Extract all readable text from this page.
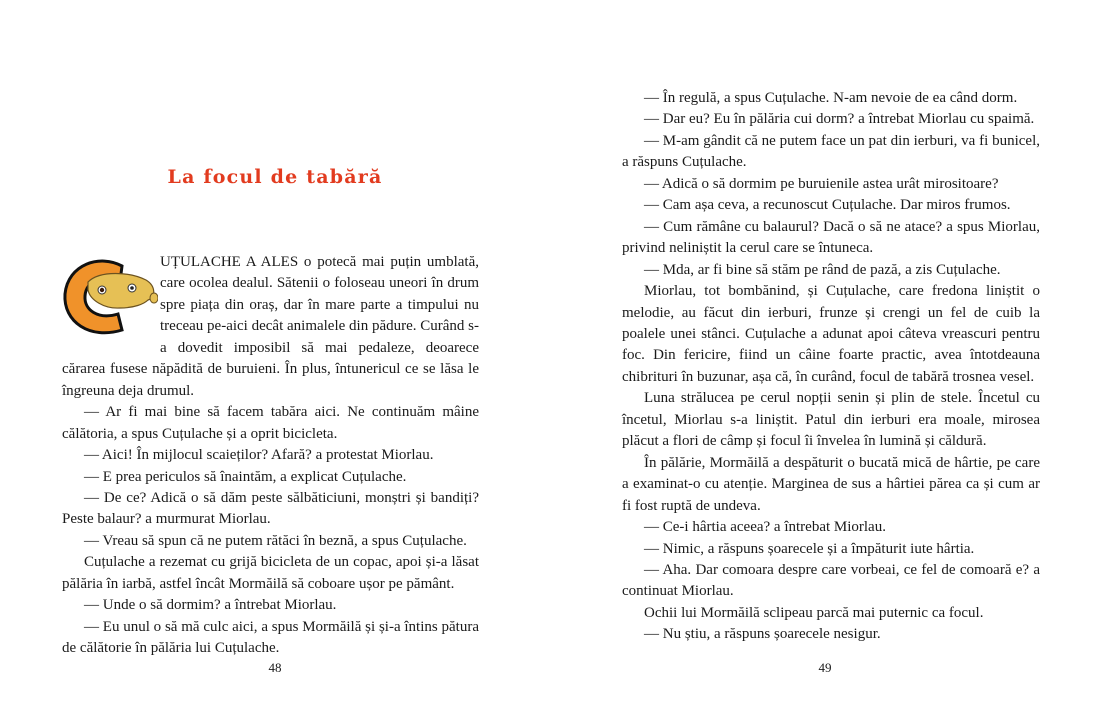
La focul de tabără

UȚULACHE A ALES o potecă mai puțin umblată, care ocolea dealul. Sătenii o foloseau uneori în drum spre piața din oraș, dar în mare parte a timpului nu treceau pe-aici decât animalele din pădure. Curând s-a dovedit imposibil să mai pedaleze, deoarece cărarea fusese năpădită de buruieni. În plus, întunericul ce se lăsa le îngreuna deja drumul.

— Ar fi mai bine să facem tabăra aici. Ne continuăm mâine călătoria, a spus Cuțulache și a oprit bicicleta.

— Aici! În mijlocul scaieților? Afară? a protestat Miorlau.

— E prea periculos să înaintăm, a explicat Cuțulache.

— De ce? Adică o să dăm peste sălbăticiuni, monștri și bandiți? Peste balaur? a murmurat Miorlau.

— Vreau să spun că ne putem rătăci în beznă, a spus Cuțulache.

Cuțulache a rezemat cu grijă bicicleta de un copac, apoi și-a lăsat pălăria în iarbă, astfel încât Mormăilă să coboare ușor pe pământ.

— Unde o să dormim? a întrebat Miorlau.

— Eu unul o să mă culc aici, a spus Mormăilă și și-a întins pătura de călătorie în pălăria lui Cuțulache.

48

— În regulă, a spus Cuțulache. N-am nevoie de ea când dorm.

— Dar eu? Eu în pălăria cui dorm? a întrebat Miorlau cu spaimă.

— M-am gândit că ne putem face un pat din ierburi, va fi bunicel, a răspuns Cuțulache.

— Adică o să dormim pe buruienile astea urât mirositoare?

— Cam așa ceva, a recunoscut Cuțulache. Dar miros frumos.

— Cum rămâne cu balaurul? Dacă o să ne atace? a spus Miorlau, privind neliniștit la cerul care se întuneca.

— Mda, ar fi bine să stăm pe rând de pază, a zis Cuțulache.

Miorlau, tot bombănind, și Cuțulache, care fredona liniștit o melodie, au făcut din ierburi, frunze și crengi un fel de cuib la poalele unei stânci. Cuțulache a adunat apoi câteva vreascuri pentru foc. Din fericire, fiind un câine foarte practic, avea întotdeauna chibrituri în buzunar, așa că, în curând, focul de tabără trosnea vesel.

Luna strălucea pe cerul nopții senin și plin de stele. Încetul cu încetul, Miorlau s-a liniștit. Patul din ierburi era moale, mirosea plăcut a flori de câmp și focul îi învelea în lumină și căldură.

În pălărie, Mormăilă a despăturit o bucată mică de hârtie, pe care a examinat-o cu atenție. Marginea de sus a hârtiei părea ca și cum ar fi fost ruptă de undeva.

— Ce-i hârtia aceea? a întrebat Miorlau.

— Nimic, a răspuns șoarecele și a împăturit iute hârtia.

— Aha. Dar comoara despre care vorbeai, ce fel de comoară e? a continuat Miorlau.

Ochii lui Mormăilă sclipeau parcă mai puternic ca focul.

— Nu știu, a răspuns șoarecele nesigur.

49
